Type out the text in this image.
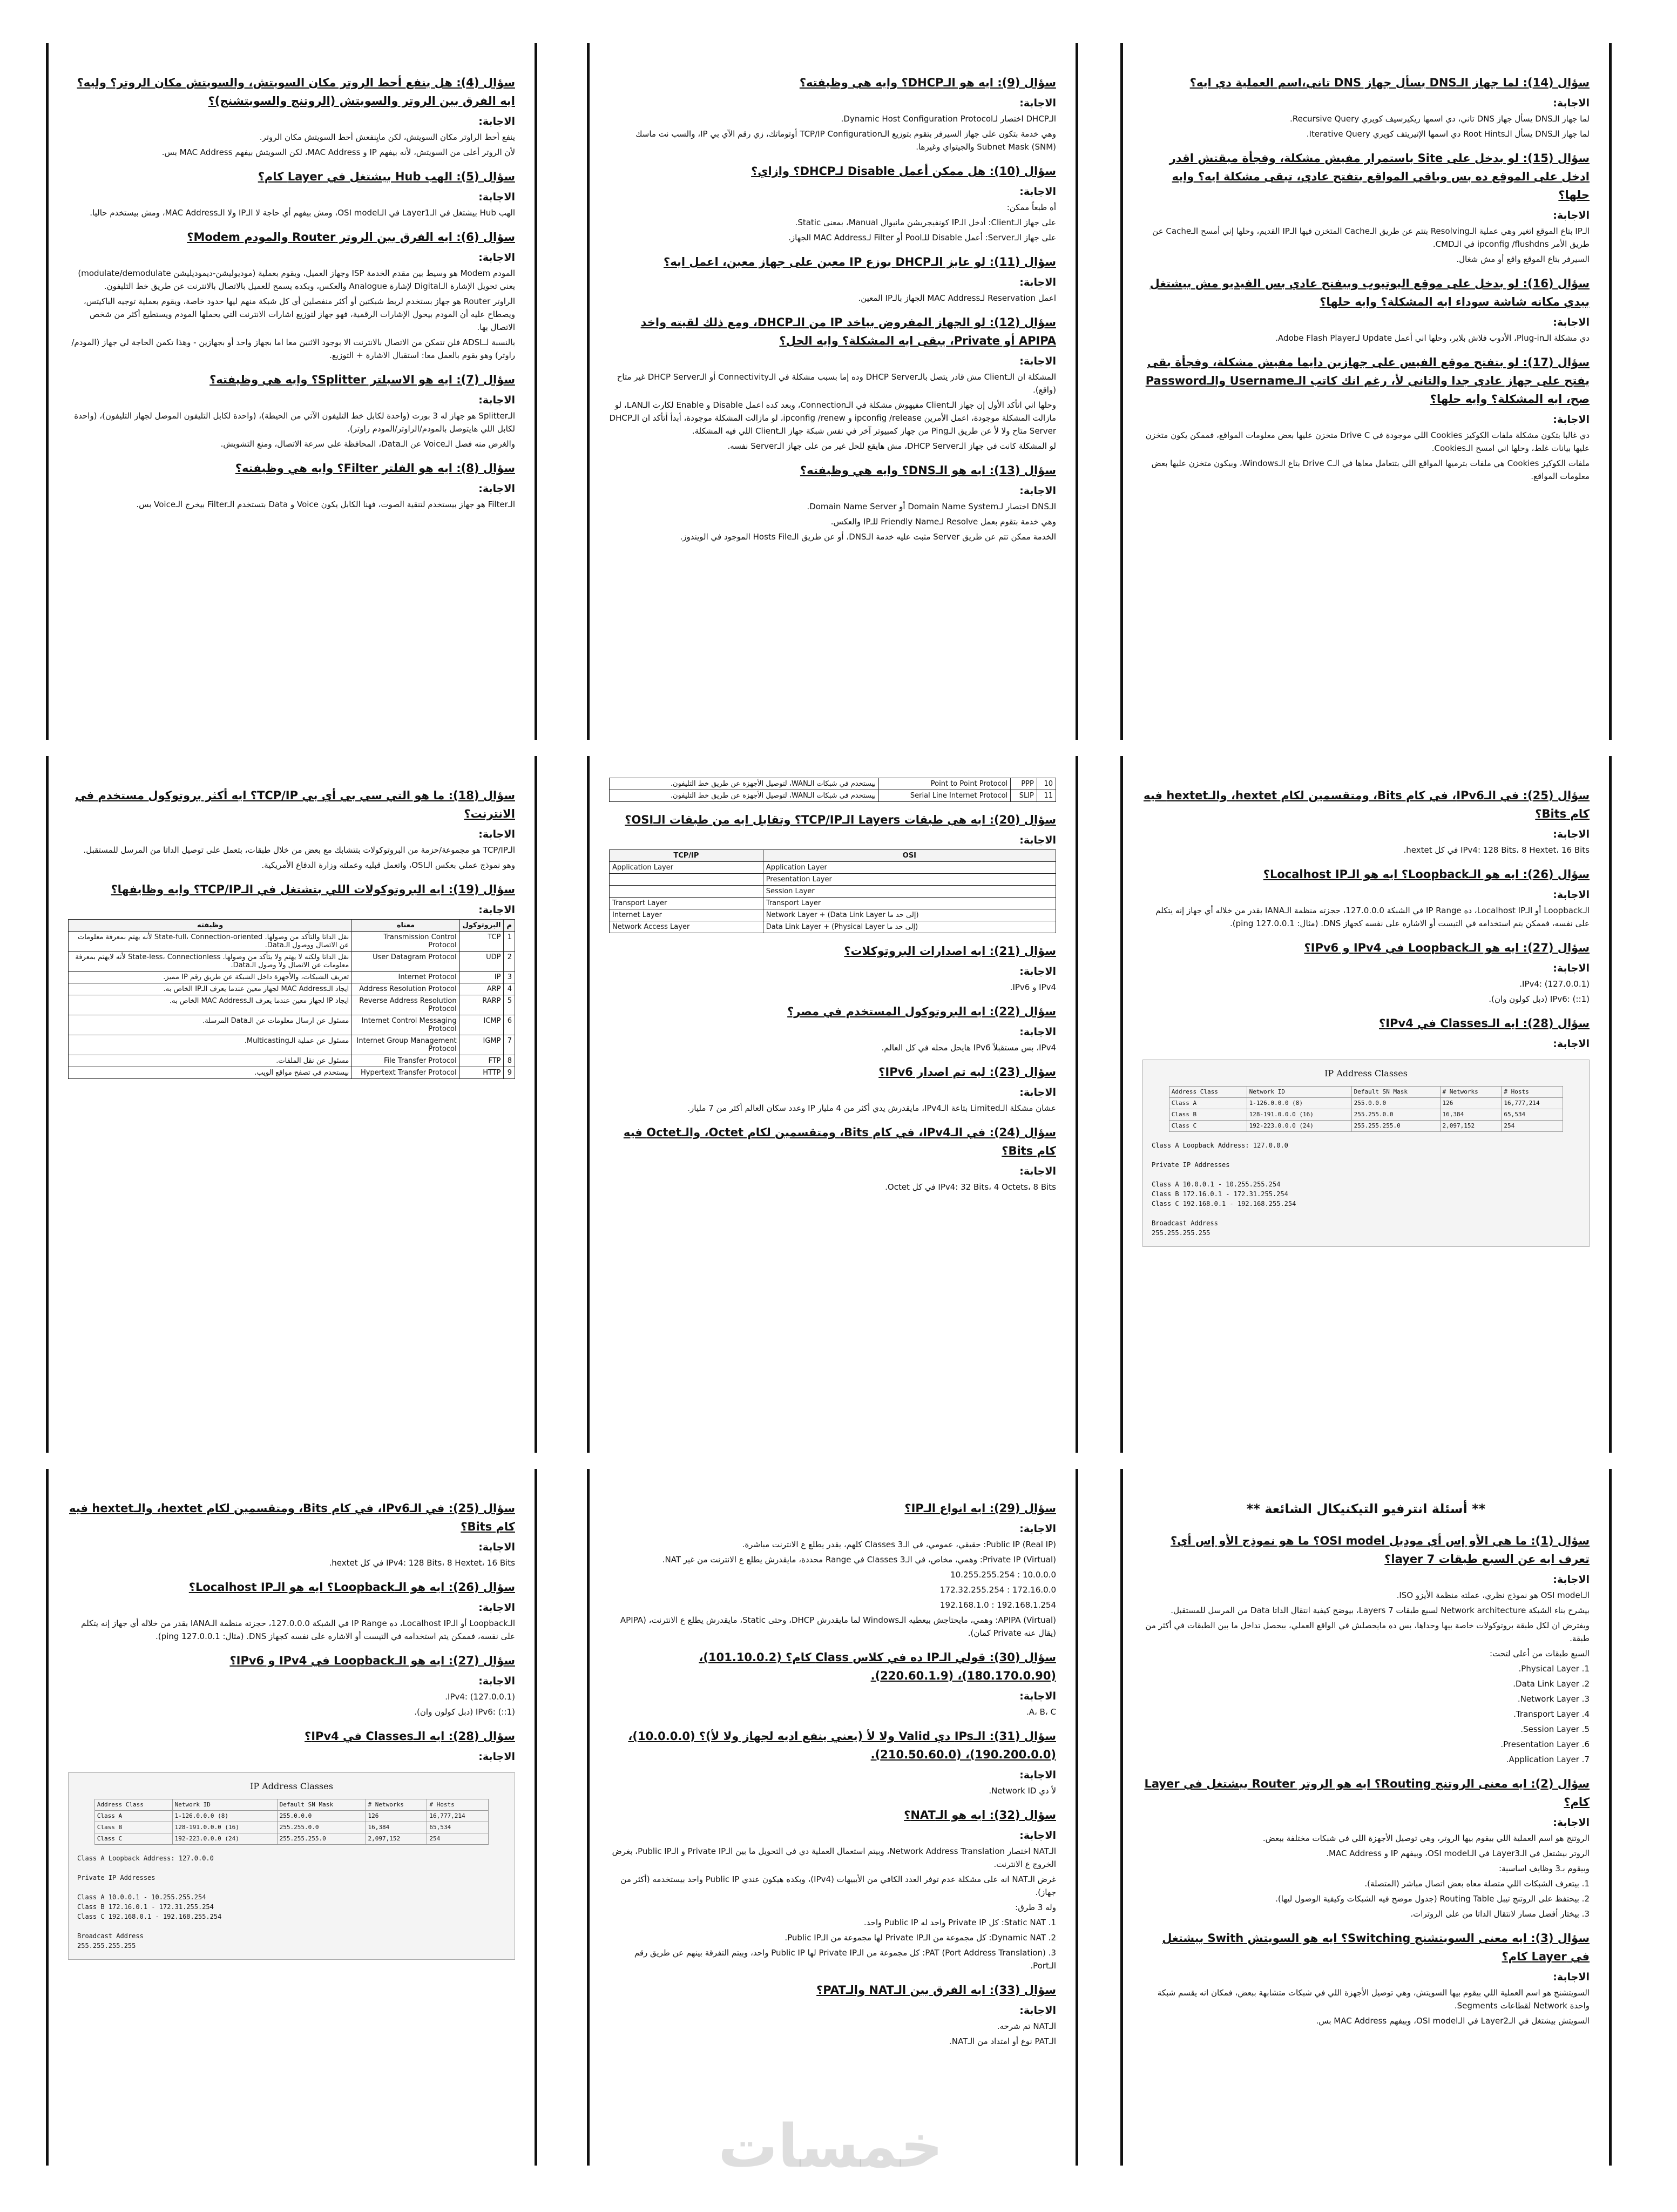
سؤال (14): لما جهاز الـDNS يسأل جهاز DNS تاني،اسم العملية دي ايه؟
الاجابة:
لما جهاز الـDNS يسأل جهاز DNS تاني، دي اسمها ريكيرسيف كويري Recursive Query.
لما جهاز الـDNS يسأل الـRoot Hints دي اسمها الإتيريتف كويري Iterative Query.
سؤال (15): لو بدخل على Site باستمرار مفيش مشكلة، وفجأة مبقتش اقدر ادخل على الموقع ده بس وباقي المواقع بتفتح عادي، تبقى مشكلة ايه؟ وايه حلها؟
الاجابة:
الـIP بتاع الموقع اتغير وهي عملية الـResolving بتتم عن طريق الـCache المتخزن فيها الـIP القديم، وحلها إني أمسح الـCache عن طريق الأمر ipconfig /flushdns في الـCMD.
السيرفر بتاع الموقع واقع أو مش شغال.
سؤال (16): لو بدخل على موقع اليوتيوب وبيفتح عادي بس الفيديو مش بيشتغل بيدي مكانه شاشة سوداء ايه المشكلة؟ وايه حلها؟
الاجابة:
دي مشكلة الـPlug-in، الأدوب فلاش بلاير، وحلها اني أعمل Update لـAdobe Flash Player.
سؤال (17): لو بتفتح موقع الفيس على جهازين دايما مفيش مشكلة، وفجأة بقى يفتح على جهاز عادي جدا والتاني لأ، رغم انك كاتب الـUsername والـPassword صح، ايه المشكلة؟ وايه حلها؟
الاجابة:
دي غالبا بتكون مشكلة ملفات الكوكيز Cookies اللي موجودة في Drive C متخزن عليها بعض معلومات المواقع، فممكن يكون متخزن عليها بيانات غلط، وحلها اني امسح الـCookies.
ملفات الكوكيز Cookies هي ملفات بترميها المواقع اللي بتتعامل معاها في الـDrive C بتاع الـWindows، وبيكون متخزن عليها بعض معلومات المواقع.
سؤال (9): ايه هو الـDHCP؟ وايه هي وظيفته؟
الاجابة:
الـDHCP اختصار لـDynamic Host Configuration Protocol.
وهي خدمة بتكون على جهاز السيرفر بتقوم بتوزيع الـTCP/IP Configuration أوتوماتك، زي رقم الآي بي IP، والسب نت ماسك Subnet Mask (SNM) والجيتواي وغيرها.
سؤال (10): هل ممكن أعمل Disable لـDHCP؟ وازاي؟
الاجابة:
أه طبعاً ممكن:
على جهاز الـClient: أدخل الـIP كونفيجريشن مانيوال Manual، بمعنى Static.
على جهاز الـServer: أعمل Disable للـPool أو Filter لـMAC Address الجهاز.
سؤال (11): لو عايز الـDHCP يوزع IP معين على جهاز معين، اعمل ايه؟
الاجابة:
اعمل Reservation لـMAC Address الجهاز بالـIP المعين.
سؤال (12): لو الجهاز المفروض بياخد IP من الـDHCP، ومع ذلك لقيته واخد APIPA أو Private، يبقى ايه المشكلة؟ وايه الحل؟
الاجابة:
المشكلة ان الـClient مش قادر يتصل بالـDHCP Server وده إما بسبب مشكلة في الـConnectivity أو الـDHCP Server غير متاح (واقع).
وحلها اني اتأكد الأول إن جهاز الـClient مفيهوش مشكلة في الـConnection، وبعد كده اعمل Disable و Enable لكارت الـLAN، لو مازالت المشكلة موجودة، اعمل الأمرين ipconfig /release و ipconfig /renew، لو مازالت المشكلة موجودة، أبدأ أتأكد ان الـDHCP Server متاح ولا لأ عن طريق الـPing من جهاز كمبيوتر آخر في نفس شبكة جهاز الـClient اللي فيه المشكلة.
لو المشكلة كانت في جهاز الـDHCP Server، مش هايقع للحل غير من على جهاز الـServer نفسه.
سؤال (13): ايه هو الـDNS؟ وايه هي وظيفته؟
الاجابة:
الـDNS اختصار لـDomain Name System أو Domain Name Server.
وهي خدمة بتقوم بعمل Resolve لـFriendly Name للـIP والعكس.
الخدمة ممكن تتم عن طريق Server مثبت عليه خدمة الـDNS، أو عن طريق الـHosts File الموجود في الويندوز.
سؤال (4): هل ينفع أحط الروتر مكان السويتش، والسويتش مكان الروتر؟ وليه؟ ايه الفرق بين الروتر والسويتش (الروتنج والسويتشنج)؟
الاجابة:
ينفع أحط الراوتر مكان السويتش، لكن مايِنفعش أحط السويتش مكان الروتر.
لأن الروتر أعلى من السويتش، لأنه بيفهم IP و MAC Address، لكن السويتش بيفهم MAC Address بس.
سؤال (5): الهب Hub بيشتغل في Layer كام؟
الاجابة:
الهب Hub بيشتغل في الـLayer1 في الـOSI model، ومش بيفهم أي حاجة لا الـIP ولا الـMAC Address، ومش بيستخدم حاليا.
سؤال (6): ايه الفرق بين الروتر Router والمودم Modem؟
الاجابة:
المودم Modem هو وسيط بين مقدم الخدمة ISP وجهاز العميل، ويقوم بعملية (موديوليشن-ديموديليشن modulate/demodulate) يعني تحويل الإشارة الـDigital لإشارة Analogue والعكس، وبكده يسمح للعميل بالاتصال بالانترنت عن طريق خط التليفون.
الراوتر Router هو جهاز بستخدم لربط شبكتين أو أكثر منفصلين أي كل شبكة منهم ليها حدود خاصة، ويقوم بعملية توجيه الباكيتس، ويصطاح عليه أن المودم بيحول الإشارات الرقمية، فهو جهاز لتوزيع اشارات الانترنت التي يحملها المودم ويستطيع أكثر من شخص الاتصال بها.
بالنسبة لـADSL فلن تتمكن من الاتصال بالانترنت الا بوجود الاثنين معا اما بجهاز واحد أو بجهازين - وهذا تكمن الحاجة لي جهاز (المودم/راوتر) وهو يقوم بالعمل معا: استقبال الاشارة + التوزيع.
سؤال (7): ايه هو الاسبلتر Splitter؟ وايه هي وظيفته؟
الاجابة:
الـSplitter هو جهاز له 3 بورت (واحدة لكابل خط التليفون الآتي من الحيطة)، (واحدة لكابل التليفون الموصل لجهاز التليفون)، (واحدة لكابل اللي هايتوصل بالمودم/الراوتر/المودم راوتر).
والغرض منه فصل الـVoice عن الـData، المحافظة على سرعة الاتصال، ومنع التشويش.
سؤال (8): ايه هو الفلتر Filter؟ وايه هي وظيفته؟
الاجابة:
الـFilter هو جهاز بيستخدم لتنقية الصوت، فهنا الكابل يكون Voice و Data بتستخدم الـFilter بيخرج الـVoice بس.
سؤال (25): في الـIPv6، في كام Bits، ومتقسمين لكام hextet، والـhextet فيه كام Bits؟
الاجابة:
IPv4: 128 Bits، 8 Hextet، 16 Bits في كل hextet.
سؤال (26): ايه هو الـLoopback؟ ايه هو الـLocalhost IP؟
الاجابة:
الـLoopback أو الـLocalhost IP، ده IP Range في الشبكة 127.0.0.0، حجزته منظمة الـIANA بقدر من خلاله أي جهاز إنه يتكلم على نفسه، فممكن يتم استخدامه في التيست أو الاشاره على نفسه كجهاز DNS. (مثال: ping 127.0.0.1).
سؤال (27): ايه هو الـLoopback في IPv4 و IPv6؟
الاجابة:
IPv4: (127.0.0.1).
IPv6: (::1) (دبل كولون وان).
سؤال (28): ايه الـClasses في IPv4؟
الاجابة:
IP Address Classes
Address Class	Network ID	Default SN Mask	# Networks	# Hosts
Class A	1-126.0.0.0 (8)	255.0.0.0	126	16,777,214
Class B	128-191.0.0.0 (16)	255.255.0.0	16,384	65,534
Class C	192-223.0.0.0 (24)	255.255.255.0	2,097,152	254

Class A Loopback Address: 127.0.0.0

Private IP Addresses

Class A 10.0.0.1 - 10.255.255.254

Class B 172.16.0.1 - 172.31.255.254

Class C 192.168.0.1 - 192.168.255.254

Broadcast Address

255.255.255.255

10	PPP	Point to Point Protocol	بيستخدم في شبكات الـWAN، لتوصيل الأجهزة عن طريق خط التليفون.
11	SLIP	Serial Line Internet Protocol	بيستخدم في شبكات الـWAN، لتوصيل الأجهزة عن طريق خط التليفون.
سؤال (20): ايه هي طبقات Layers الـTCP/IP؟ وتقابل ايه من طبقات الـOSI؟
الاجابة:
TCP/IP	OSI
Application Layer	Application Layer
	Presentation Layer
	Session Layer
Transport Layer	Transport Layer
Internet Layer	Network Layer + (Data Link Layer إلى حد ما)
Network Access Layer	Data Link Layer + (Physical Layer إلى حد ما)
سؤال (21): ايه اصدارات البروتوكلات؟
الاجابة:
IPv4 و IPv6.
سؤال (22): ايه البروتوكول المستخدم في مصر؟
الاجابة:
IPv4، بس مستقبلاً IPv6 هايحل محله في كل العالم.
سؤال (23): ليه تم اصدار IPv6؟
الاجابة:
عشان مشكلة الـLimited بتاعة الـIPv4، مايقدرش يدي أكثر من 4 مليار IP وعدد سكان العالم أكثر من 7 مليار.
سؤال (24): في الـIPv4، في كام Bits، ومتقسمين لكام Octet، والـOctet فيه كام Bits؟
الاجابة:
IPv4: 32 Bits، 4 Octets، 8 Bits في كل Octet.
سؤال (18): ما هو التي سي بي أي بي TCP/IP؟ ايه أكثر بروتوكول مستخدم في الانترنت؟
الاجابة:
الـTCP/IP هو مجموعة/حزمة من البروتوكولات بتتشابك مع بعض من خلال طبقات، بتعمل على توصيل الداتا من المرسل للمستقبل.
وهو نموذج عملي بعكس الـOSI، واتعمل قبليه وعملته وزارة الدفاع الأمريكية.
سؤال (19): ايه البروتوكولات اللي بتشتغل في الـTCP/IP؟ وايه وظايفها؟
الاجابة:
م	البروتوكول	معناه	وظيفته
1	TCP	Transmission Control Protocol	نقل الداتا والتأكد من وصولها. State-full، Connection-oriented لأنه يهتم بمعرفة معلومات عن الاتصال ووصول الـData.
2	UDP	User Datagram Protocol	نقل الداتا ولكنه لا يهتم ولا يتأكد من وصولها. State-less، Connectionless لأنه لايهتم بمعرفة معلومات عن الاتصال ولا وصول الـData.
3	IP	Internet Protocol	تعريف الشبكات، والأجهزة داخل الشبكة عن طريق رقم IP مميز.
4	ARP	Address Resolution Protocol	ايجاد الـMAC Address لجهاز معين عندما يعرف الـIP الخاص به.
5	RARP	Reverse Address Resolution Protocol	ايجاد IP لجهاز معين عندما يعرف الـMAC Address الخاص به.
6	ICMP	Internet Control Messaging Protocol	مسئول عن ارسال معلومات عن الـData المرسلة.
7	IGMP	Internet Group Management Protocol	مسئول عن عملية الـMulticasting.
8	FTP	File Transfer Protocol	مسئول عن نقل الملفات.
9	HTTP	Hypertext Transfer Protocol	بيستخدم في تصفح مواقع الويب.
** أسئلة انترفيو التيكنيكال الشائعة **
سؤال (1): ما هي الأو إس أي موديل OSI model؟ ما هو نموذج الأو إس أي؟ تعرف ايه عن السبع طبقات 7 layer؟
الاجابة:
الـOSI model هو نموذج نظري، عملته منظمة الأيزو ISO.
بيشرح بناء الشبكة Network architecture لسبع طبقات 7 Layers، بيوضح كيفية انتقال الداتا Data من المرسل للمستقبل.
ويفترض ان لكل طبقة بروتوكولات خاصة بيها وحداها، بس ده مايحصلش في الواقع العملي، بيحصل تداخل ما بين الطبقات في أكثر من طبقة.
السبع طبقات من أعلى لتحت:
1. Physical Layer.
2. Data Link Layer.
3. Network Layer.
4. Transport Layer.
5. Session Layer.
6. Presentation Layer.
7. Application Layer.
سؤال (2): ايه معنى الروتنج Routing؟ ايه هو الروتر Router بيشتغل في Layer كام؟
الاجابة:
الروتنج هو اسم العملية اللي بيقوم بيها الروتر، وهي توصيل الأجهزة اللي في شبكات مختلفة ببعض.
الروتر بيشتغل في الـLayer3 في الـOSI model، وبيفهم IP و MAC Address.
وبيقوم بـ3 وظايف اساسية:
1. بيتعرف الشبكات اللي متصلة معاه بعض اتصال مباشر (المتصلة).
2. بيحتفظ على الروتنج تيبل Routing Table (جدول موضح فيه الشبكات وكيفية الوصول ليها).
3. بيختار أفضل مسار لانتقال الداتا من على الروترات.
سؤال (3): ايه معنى السويتشنج Switching؟ ايه هو السويتش Swith بيشتغل في Layer كام؟
الاجابة:
السويتشنج هو اسم العملية اللي بيقوم بيها السويتش، وهي توصيل الأجهزة اللي في شبكات متشابهة ببعض، فمكان انه يقسم شبكة واحدة Network لقطاعات Segments.
السويتش بيشتغل في الـLayer2 في الـOSI model، وبيفهم MAC Address بس.
سؤال (29): ايه انواع الـIP؟
الاجابة:
Public IP (Real IP): حقيقي، عمومي، في الـ3 Classes كلهم، يقدر يطلع ع الانترنت مباشرة.
Private IP (Virtual): وهمي، مخاص، في الـ3 Classes في Range محددة، مايقدرش يطلع ع الانترنت من غير NAT.
10.0.0.0 : 10.255.255.254
172.16.0.0 : 172.32.255.254
192.168.1.254 : 192.168.1.0
APIPA (Virtual): وهمي، مايحتاجش بيعطيه الـWindows لما مايقدرش DHCP، وحتى Static، مايقدرش يطلع ع الانترنت، (APIPA (يقال عنه Private كمان).
سؤال (30): قولي الـIP ده في كلاس Class كام؟ (101.10.0.2)، (180.170.0.90)، (220.60.1.9).
الاجابة:
A، B، C.
سؤال (31): الـIPs دي Valid ولا لأ (يعني ينفع اديه لجهاز ولا لأ)؟ (10.0.0.0)، (190.200.0.0)، (210.50.60.0).
الاجابة:
لأ دي Network ID.
سؤال (32): ايه هو الـNAT؟
الاجابة:
الـNAT اختصار Network Address Translation، وبيتم استعمال العملية دي في التحويل ما بين الـPrivate IP و الـPublic IP، بغرض الخروج ع الانترنت.
غرض الـNAT انه على مشكلة عدم توفر العدد الكافي من الأيبيهات (IPv4)، وبكده هيكون عندي Public IP واحد بيستخدمه (أكثر من جهاز).
وله 3 طرق:
1. Static NAT: كل Private IP واحد له Public IP واحد.
2. Dynamic NAT: كل مجموعة من الـPrivate IP لها مجموعة من الـPublic IP.
3. PAT (Port Address Translation): كل مجموعة من الـPrivate IP لها Public IP واحد، وبيتم التفرقة بينهم عن طريق رقم الـPort.
سؤال (33): ايه الفرق بين الـNAT والـPAT؟
الاجابة:
الـNAT تم شرحه.
الـPAT نوع أو امتداد من الـNAT.
سؤال (25): في الـIPv6، في كام Bits، ومتقسمين لكام hextet، والـhextet فيه كام Bits؟
الاجابة:
IPv4: 128 Bits، 8 Hextet، 16 Bits في كل hextet.
سؤال (26): ايه هو الـLoopback؟ ايه هو الـLocalhost IP؟
الاجابة:
الـLoopback أو الـLocalhost IP، ده IP Range في الشبكة 127.0.0.0، حجزته منظمة الـIANA بقدر من خلاله أي جهاز إنه يتكلم على نفسه، فممكن يتم استخدامه في التيست أو الاشاره على نفسه كجهاز DNS. (مثال: ping 127.0.0.1).
سؤال (27): ايه هو الـLoopback في IPv4 و IPv6؟
الاجابة:
IPv4: (127.0.0.1).
IPv6: (::1) (دبل كولون وان).
سؤال (28): ايه الـClasses في IPv4؟
الاجابة:
IP Address Classes
Address Class	Network ID	Default SN Mask	# Networks	# Hosts
Class A	1-126.0.0.0 (8)	255.0.0.0	126	16,777,214
Class B	128-191.0.0.0 (16)	255.255.0.0	16,384	65,534
Class C	192-223.0.0.0 (24)	255.255.255.0	2,097,152	254

Class A Loopback Address: 127.0.0.0

Private IP Addresses

Class A 10.0.0.1 - 10.255.255.254

Class B 172.16.0.1 - 172.31.255.254

Class C 192.168.0.1 - 192.168.255.254

Broadcast Address

255.255.255.255

خمسات
